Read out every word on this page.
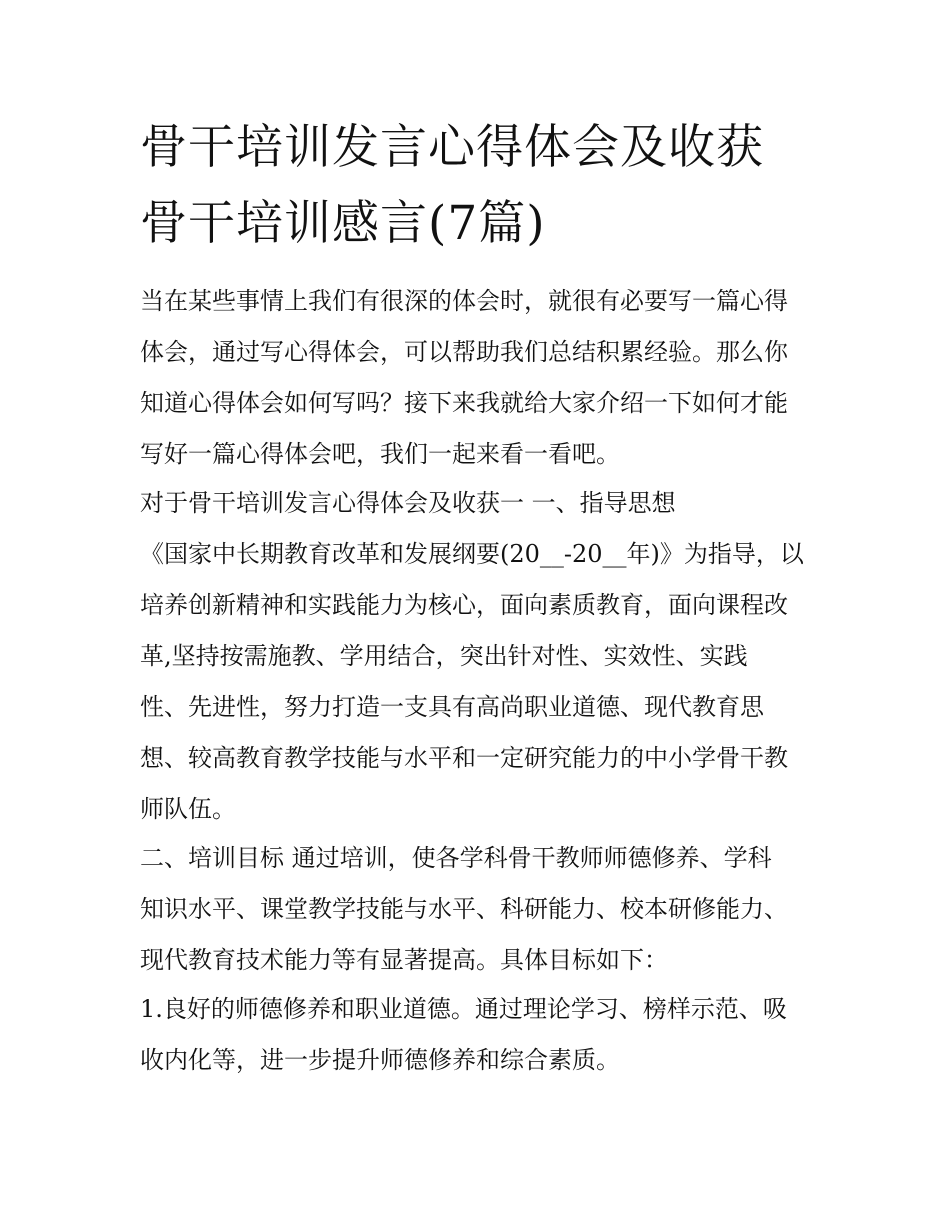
骨干培训发言心得体会及收获
骨干培训感言(7篇)

当在某些事情上我们有很深的体会时，就很有必要写一篇心得

体会，通过写心得体会，可以帮助我们总结积累经验。那么你

知道心得体会如何写吗？接下来我就给大家介绍一下如何才能

写好一篇心得体会吧，我们一起来看一看吧。

对于骨干培训发言心得体会及收获一 一、指导思想

《国家中长期教育改革和发展纲要(20__-20__年)》为指导，以

培养创新精神和实践能力为核心，面向素质教育，面向课程改

革,坚持按需施教、学用结合，突出针对性、实效性、实践

性、先进性，努力打造一支具有高尚职业道德、现代教育思

想、较高教育教学技能与水平和一定研究能力的中小学骨干教

师队伍。

二、培训目标 通过培训，使各学科骨干教师师德修养、学科

知识水平、课堂教学技能与水平、科研能力、校本研修能力、

现代教育技术能力等有显著提高。具体目标如下：

1.良好的师德修养和职业道德。通过理论学习、榜样示范、吸

收内化等，进一步提升师德修养和综合素质。
